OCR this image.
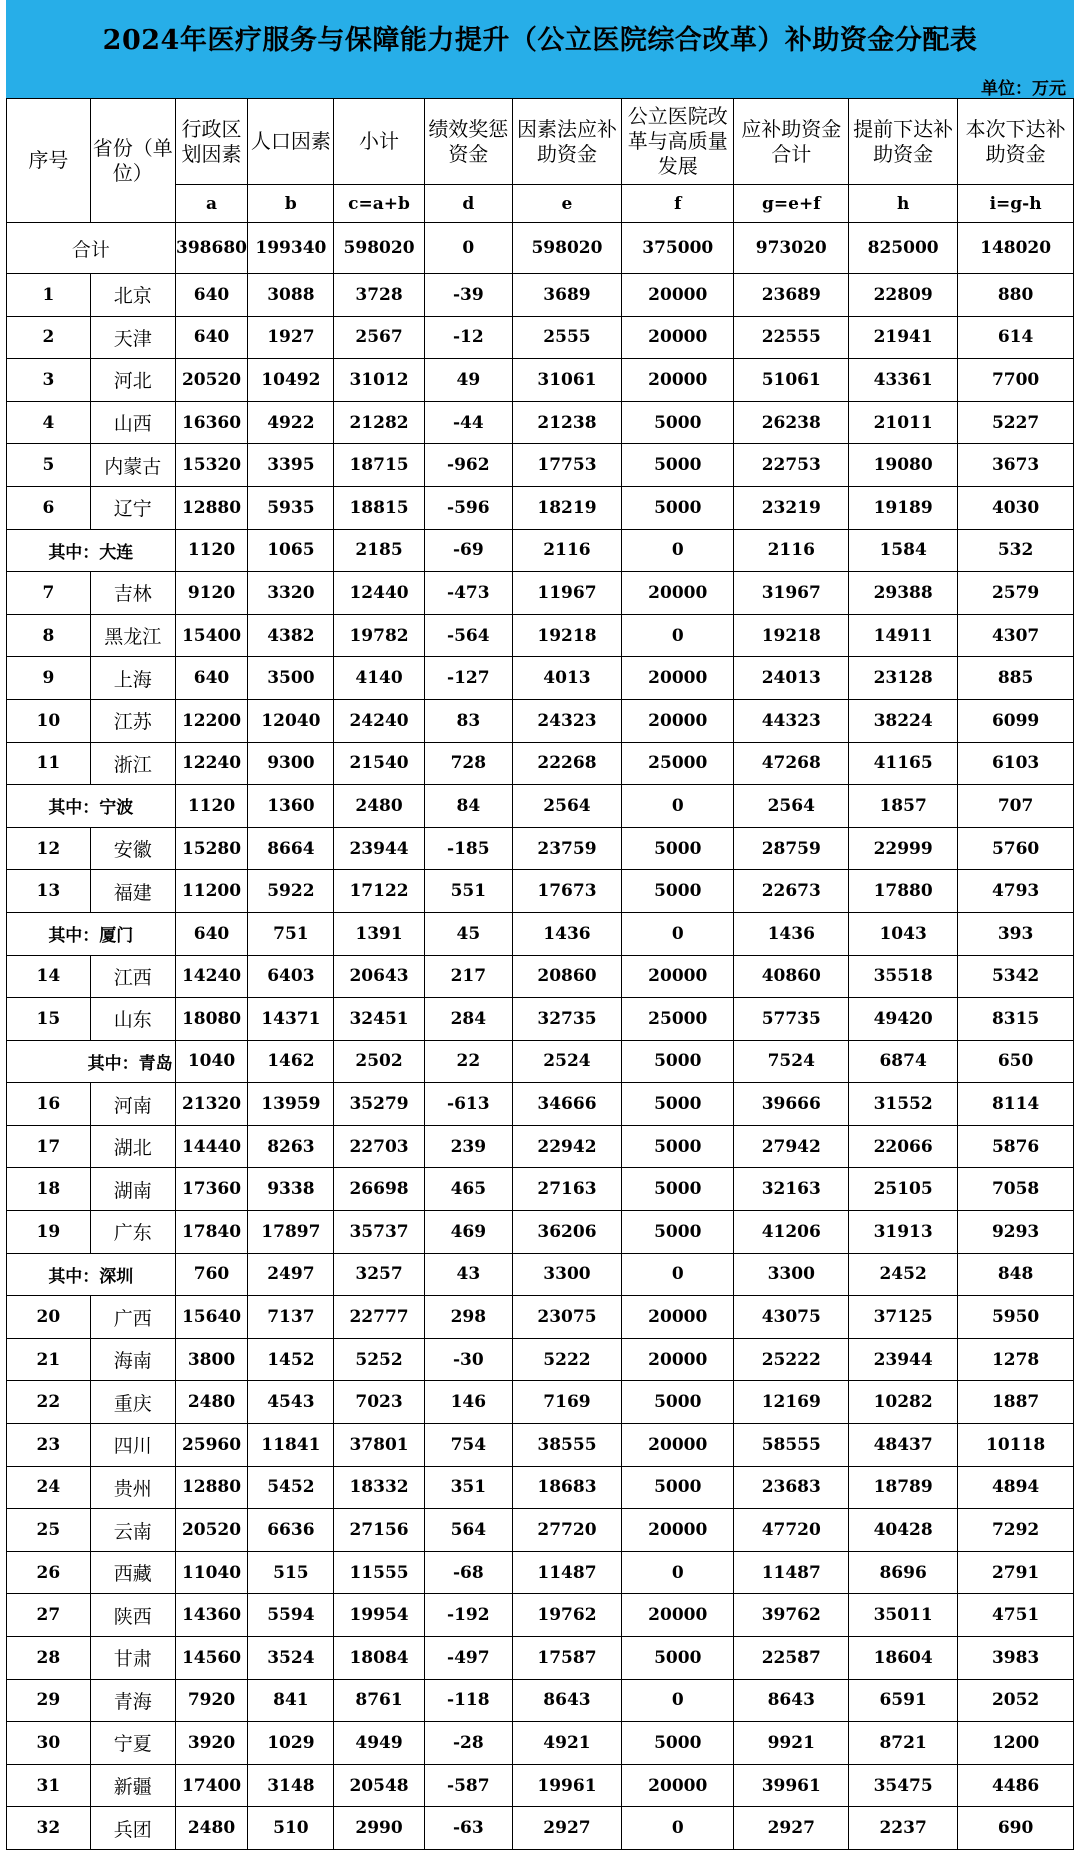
2024年医疗服务与保障能力提升（公立医院综合改革）补助资金分配表
单位：万元
序号	省份（单位）	行政区划因素	人口因素	小计	绩效奖惩资金	因素法应补助资金	公立医院改革与高质量发展	应补助资金合计	提前下达补助资金	本次下达补助资金
		a	b	c=a+b	d	e	f	g=e+f	h	i=g-h
合计		398680	199340	598020	0	598020	375000	973020	825000	148020
1	北京	640	3088	3728	-39	3689	20000	23689	22809	880
2	天津	640	1927	2567	-12	2555	20000	22555	21941	614
3	河北	20520	10492	31012	49	31061	20000	51061	43361	7700
4	山西	16360	4922	21282	-44	21238	5000	26238	21011	5227
5	内蒙古	15320	3395	18715	-962	17753	5000	22753	19080	3673
6	辽宁	12880	5935	18815	-596	18219	5000	23219	19189	4030
其中：大连		1120	1065	2185	-69	2116	0	2116	1584	532
7	吉林	9120	3320	12440	-473	11967	20000	31967	29388	2579
8	黑龙江	15400	4382	19782	-564	19218	0	19218	14911	4307
9	上海	640	3500	4140	-127	4013	20000	24013	23128	885
10	江苏	12200	12040	24240	83	24323	20000	44323	38224	6099
11	浙江	12240	9300	21540	728	22268	25000	47268	41165	6103
其中：宁波		1120	1360	2480	84	2564	0	2564	1857	707
12	安徽	15280	8664	23944	-185	23759	5000	28759	22999	5760
13	福建	11200	5922	17122	551	17673	5000	22673	17880	4793
其中：厦门		640	751	1391	45	1436	0	1436	1043	393
14	江西	14240	6403	20643	217	20860	20000	40860	35518	5342
15	山东	18080	14371	32451	284	32735	25000	57735	49420	8315
其中：青岛		1040	1462	2502	22	2524	5000	7524	6874	650
16	河南	21320	13959	35279	-613	34666	5000	39666	31552	8114
17	湖北	14440	8263	22703	239	22942	5000	27942	22066	5876
18	湖南	17360	9338	26698	465	27163	5000	32163	25105	7058
19	广东	17840	17897	35737	469	36206	5000	41206	31913	9293
其中：深圳		760	2497	3257	43	3300	0	3300	2452	848
20	广西	15640	7137	22777	298	23075	20000	43075	37125	5950
21	海南	3800	1452	5252	-30	5222	20000	25222	23944	1278
22	重庆	2480	4543	7023	146	7169	5000	12169	10282	1887
23	四川	25960	11841	37801	754	38555	20000	58555	48437	10118
24	贵州	12880	5452	18332	351	18683	5000	23683	18789	4894
25	云南	20520	6636	27156	564	27720	20000	47720	40428	7292
26	西藏	11040	515	11555	-68	11487	0	11487	8696	2791
27	陕西	14360	5594	19954	-192	19762	20000	39762	35011	4751
28	甘肃	14560	3524	18084	-497	17587	5000	22587	18604	3983
29	青海	7920	841	8761	-118	8643	0	8643	6591	2052
30	宁夏	3920	1029	4949	-28	4921	5000	9921	8721	1200
31	新疆	17400	3148	20548	-587	19961	20000	39961	35475	4486
32	兵团	2480	510	2990	-63	2927	0	2927	2237	690
